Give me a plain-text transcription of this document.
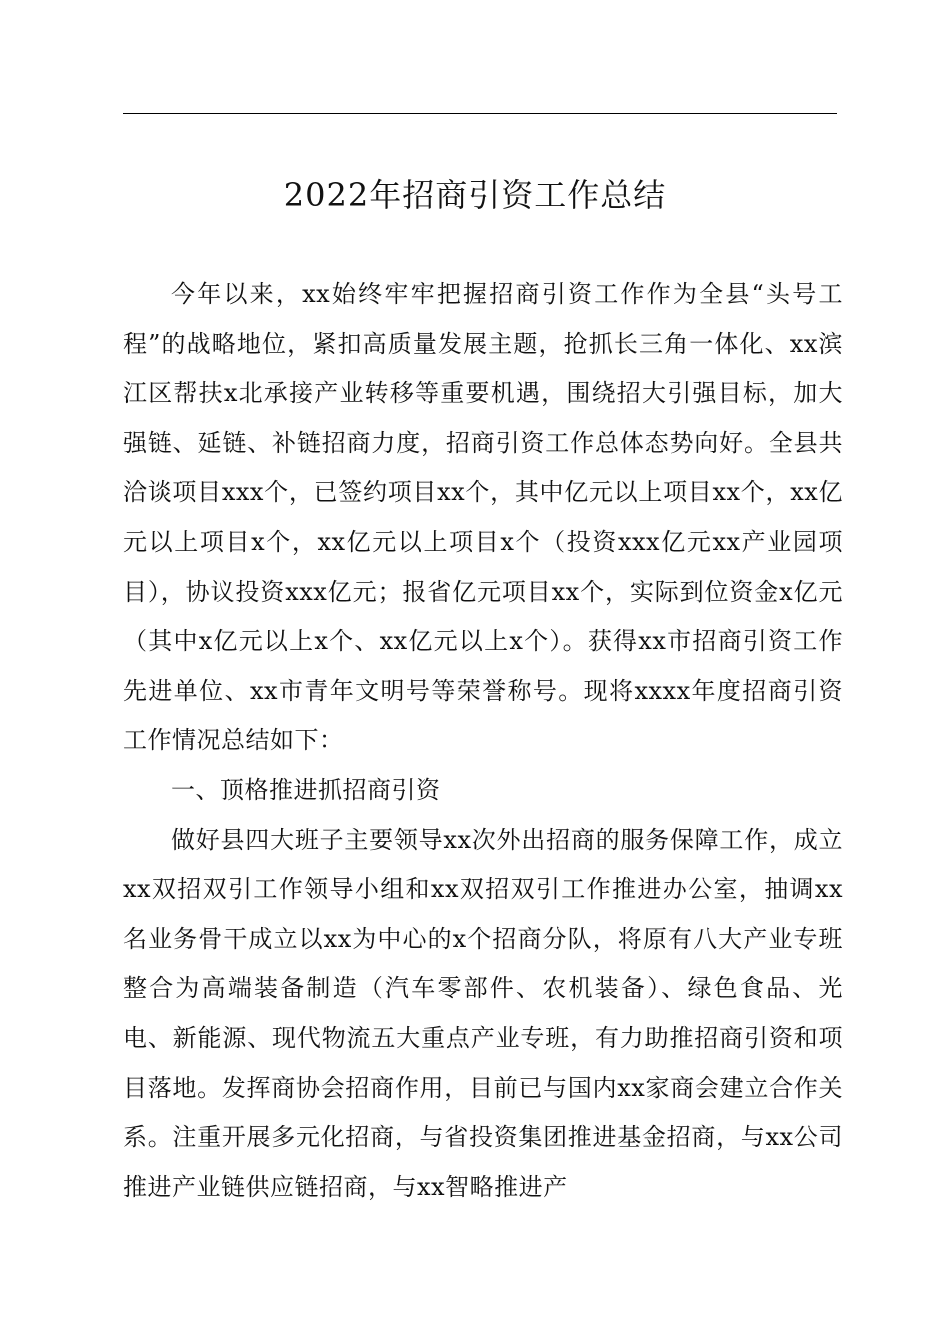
2022年招商引资工作总结

今年以来，xx始终牢牢把握招商引资工作作为全县“头号工程”的战略地位，紧扣高质量发展主题，抢抓长三角一体化、xx滨江区帮扶x北承接产业转移等重要机遇，围绕招大引强目标，加大强链、延链、补链招商力度，招商引资工作总体态势向好。全县共洽谈项目xxx个，已签约项目xx个，其中亿元以上项目xx个，xx亿元以上项目x个，xx亿元以上项目x个（投资xxx亿元xx产业园项目），协议投资xxx亿元；报省亿元项目xx个，实际到位资金x亿元（其中x亿元以上x个、xx亿元以上x个）。获得xx市招商引资工作先进单位、xx市青年文明号等荣誉称号。现将xxxx年度招商引资工作情况总结如下：

一、顶格推进抓招商引资

做好县四大班子主要领导xx次外出招商的服务保障工作，成立xx双招双引工作领导小组和xx双招双引工作推进办公室，抽调xx名业务骨干成立以xx为中心的x个招商分队，将原有八大产业专班整合为高端装备制造（汽车零部件、农机装备）、绿色食品、光电、新能源、现代物流五大重点产业专班，有力助推招商引资和项目落地。发挥商协会招商作用，目前已与国内xx家商会建立合作关系。注重开展多元化招商，与省投资集团推进基金招商，与xx公司推进产业链供应链招商，与xx智略推进产
